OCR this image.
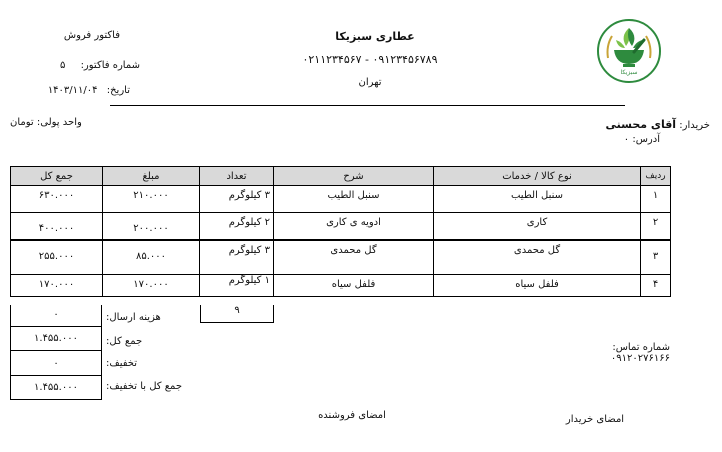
سبزیکا
فاکتور فروش
شماره فاکتور: ۵
تاریخ: ۱۴۰۳/۱۱/۰۴
عطاری سبزیکا
۰۲۱۱۲۳۴۵۶۷ - ۰۹۱۲۳۴۵۶۷۸۹
تهران
واحد پولی: تومان	خریدار: آقای محسنی
آدرس: ۰
جمع کل	مبلغ	تعداد	شرح	نوع کالا / خدمات	ردیف
۶۳۰.۰۰۰	۲۱۰.۰۰۰	۳ کیلوگرم	سنبل الطیب	سنبل الطیب	۱
۴۰۰.۰۰۰	۲۰۰.۰۰۰	۲ کیلوگرم	ادویه ی کاری	کاری	۲
۲۵۵.۰۰۰	۸۵.۰۰۰	۳ کیلوگرم	گل محمدی	گل محمدی	۳
۱۷۰.۰۰۰	۱۷۰.۰۰۰	۱ کیلوگرم	فلفل سیاه	فلفل سیاه	۴
۹
۰	هزینه ارسال:
۱.۴۵۵.۰۰۰	جمع کل:
۰	تخفیف:
۱.۴۵۵.۰۰۰	جمع کل با تخفیف:
شماره تماس: ۰۹۱۲۰۲۷۶۱۶۶
امضای خریدار
امضای فروشنده
